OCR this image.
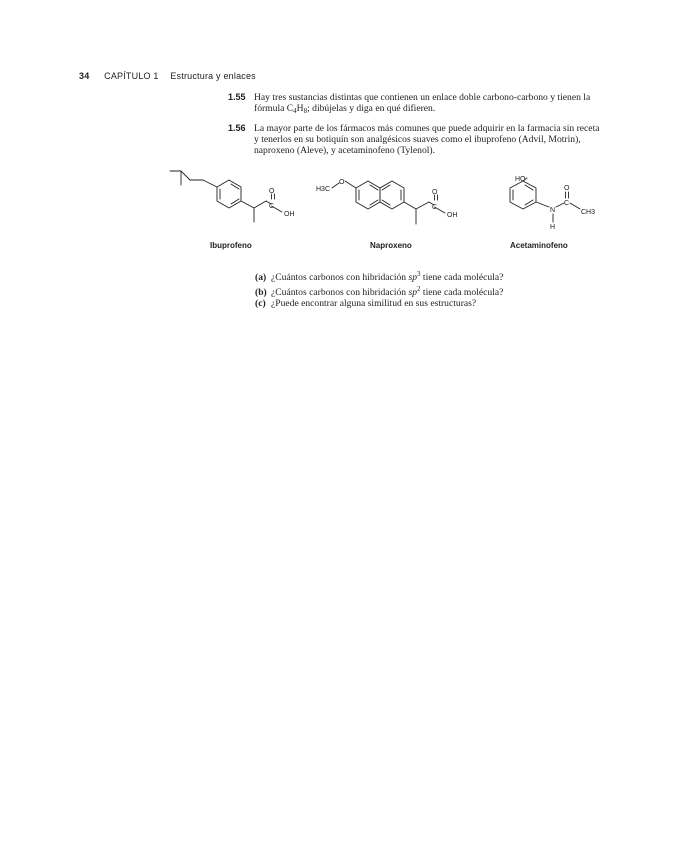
34 CAPÍTULO 1 Estructura y enlaces
1.55 Hay tres sustancias distintas que contienen un enlace doble carbono-carbono y tienen la fórmula $C_4H_8$; dibújelas y diga en qué difieren.
1.56 La mayor parte de los fármacos más comunes que puede adquirir en la farmacia sin receta y tenerlos en su botiquín son analgésicos suaves como el ibuprofeno (Advil, Motrin), naproxeno (Aleve), y acetaminofeno (Tylenol).
O
C
OH
H3C
O
O
C
OH
HO
N
H
C
O
CH3
Ibuprofeno	Naproxeno	Acetaminofeno
(a) ¿Cuántos carbonos con hibridación $sp^3$ tiene cada molécula?
(b) ¿Cuántos carbonos con hibridación $sp^2$ tiene cada molécula?
(c) ¿Puede encontrar alguna similitud en sus estructuras?
